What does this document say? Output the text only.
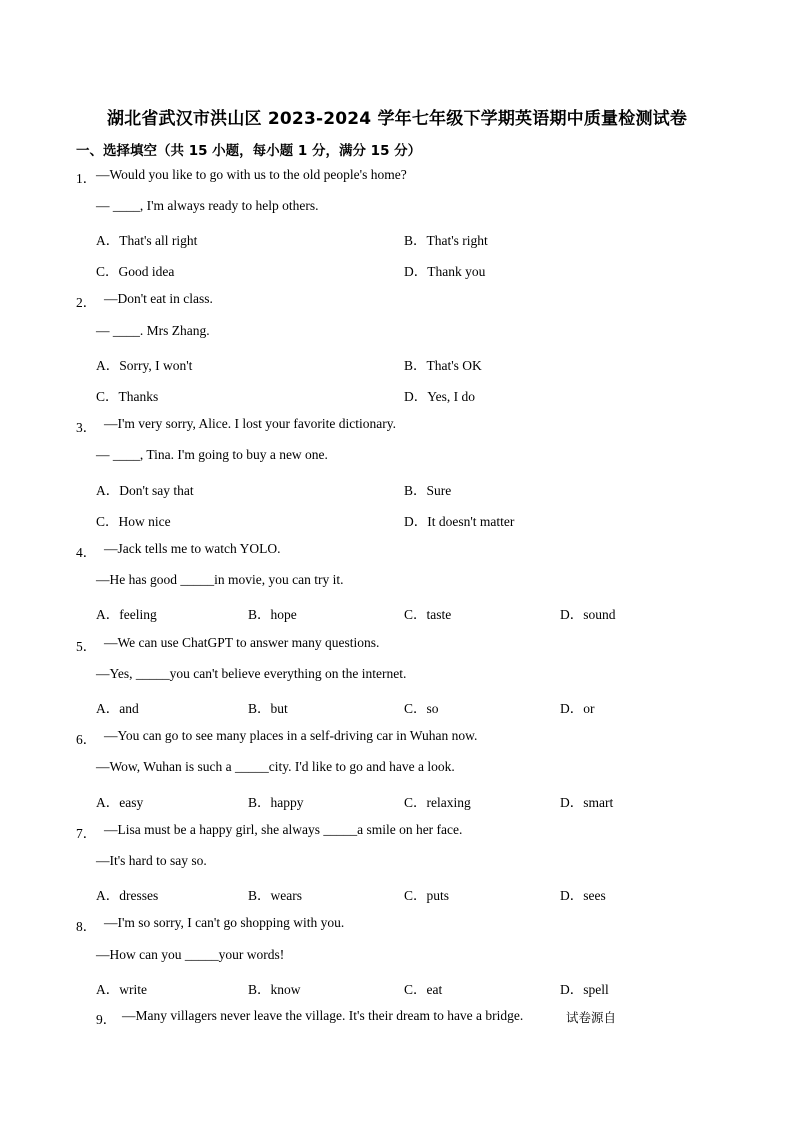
湖北省武汉市洪山区 2023-2024 学年七年级下学期英语期中质量检测试卷
一、选择填空（共 15 小题，每小题 1 分，满分 15 分）
1． —Would you like to go with us to the old people's home?
— ____, I'm always ready to help others.
A．That's all right	B．That's right
C．Good idea	D．Thank you
2． —Don't eat in class.
— ____. Mrs Zhang.
A．Sorry, I won't	B．That's OK
C．Thanks	D．Yes, I do
3． —I'm very sorry, Alice. I lost your favorite dictionary.
— ____, Tina. I'm going to buy a new one.
A．Don't say that	B．Sure
C．How nice	D．It doesn't matter
4． —Jack tells me to watch YOLO.
—He has good _____in movie, you can try it.
A．feeling	B．hope	C．taste	D．sound
5． —We can use ChatGPT to answer many questions.
—Yes, _____you can't believe everything on the internet.
A．and	B．but	C．so	D．or
6． —You can go to see many places in a self-driving car in Wuhan now.
—Wow, Wuhan is such a _____city. I'd like to go and have a look.
A．easy	B．happy	C．relaxing	D．smart
7． —Lisa must be a happy girl, she always _____a smile on her face.
—It's hard to say so.
A．dresses	B．wears	C．puts	D．sees
8． —I'm so sorry, I can't go shopping with you.
—How can you _____your words!
A．write	B．know	C．eat	D．spell
9． —Many villagers never leave the village. It's their dream to have a bridge.	试卷源自
